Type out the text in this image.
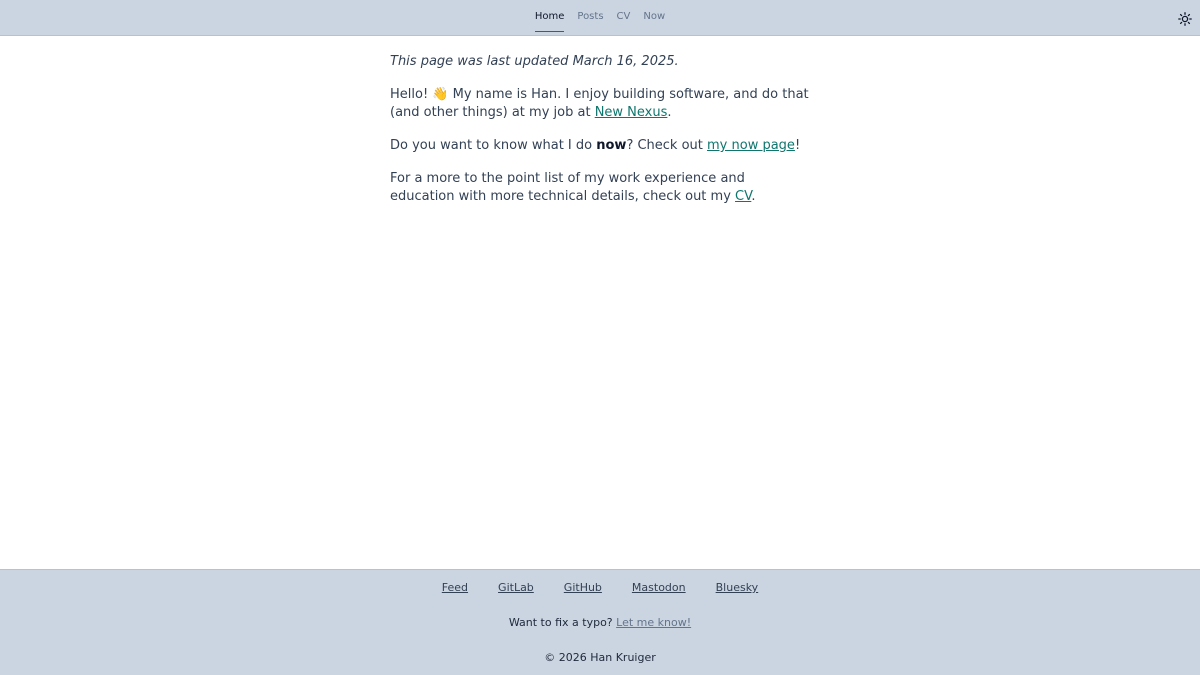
Home Posts CV Now

This page was last updated March 16, 2025.

Hello! 👋 My name is Han. I enjoy building software, and do that (and other things) at my job at New Nexus.

Do you want to know what I do now? Check out my now page!

For a more to the point list of my work experience and education with more technical details, check out my CV.

Feed	GitLab	GitHub	Mastodon	Bluesky
Want to fix a typo? Let me know!
© 2026 Han Kruiger
